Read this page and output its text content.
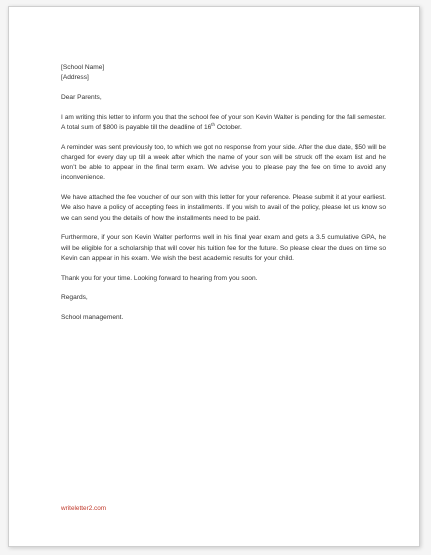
[School Name]
[Address]

Dear Parents,

I am writing this letter to inform you that the school fee of your son Kevin Walter is pending for the fall semester. A total sum of $800 is payable till the deadline of 16th October.

A reminder was sent previously too, to which we got no response from your side. After the due date, $50 will be charged for every day up till a week after which the name of your son will be struck off the exam list and he won’t be able to appear in the final term exam. We advise you to please pay the fee on time to avoid any inconvenience.

We have attached the fee voucher of our son with this letter for your reference. Please submit it at your earliest. We also have a policy of accepting fees in installments. If you wish to avail of the policy, please let us know so we can send you the details of how the installments need to be paid.

Furthermore, if your son Kevin Walter performs well in his final year exam and gets a 3.5 cumulative GPA, he will be eligible for a scholarship that will cover his tuition fee for the future. So please clear the dues on time so Kevin can appear in his exam. We wish the best academic results for your child.

Thank you for your time. Looking forward to hearing from you soon.

Regards,

School management.

writeletter2.com
